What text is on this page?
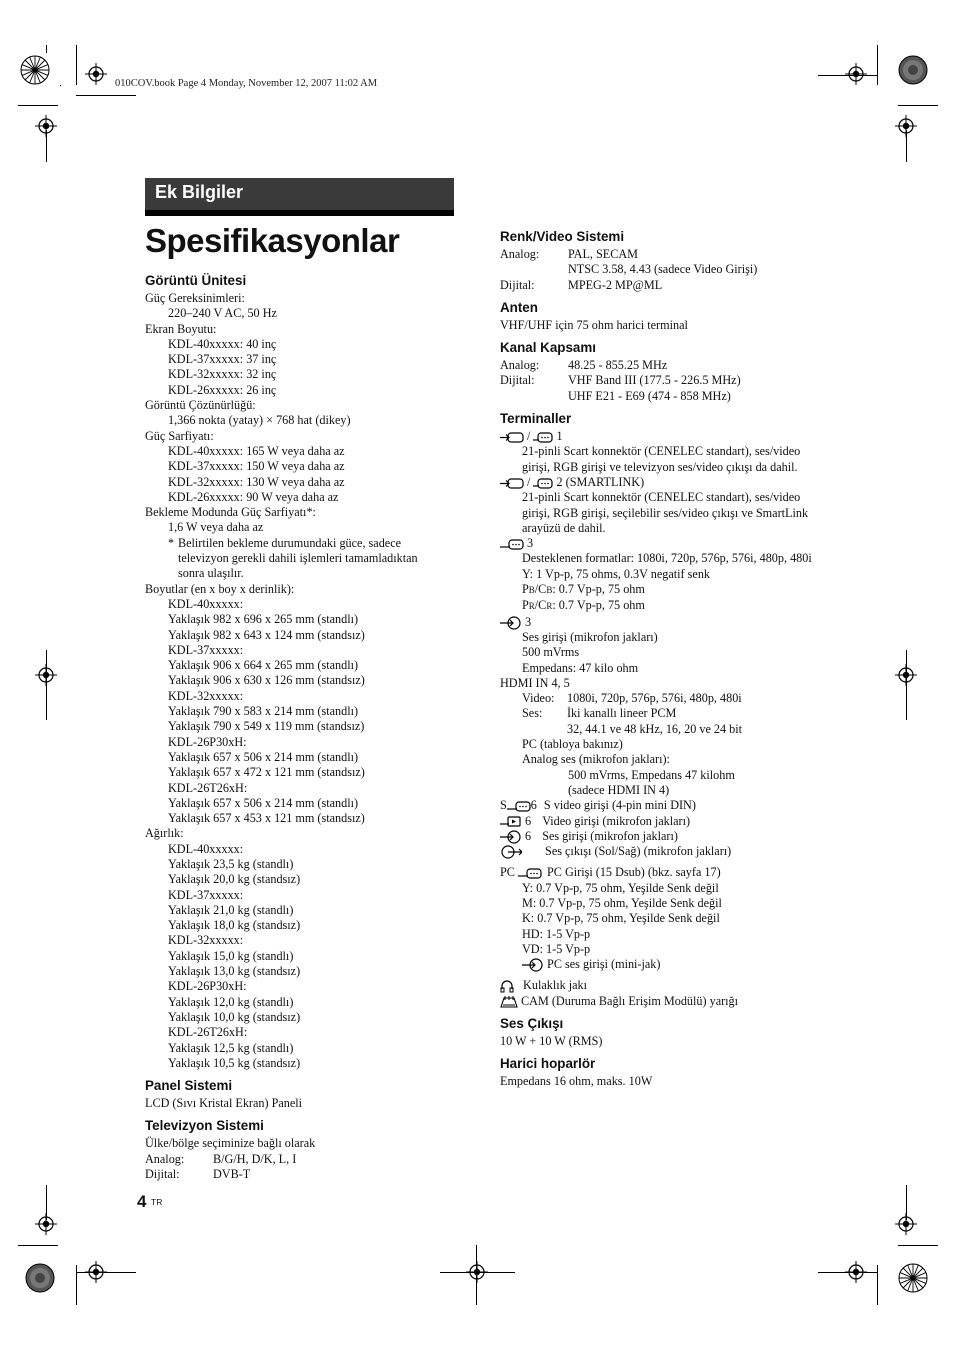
010COV.book Page 4 Monday, November 12, 2007 11:02 AM
Ek Bilgiler
Spesifikasyonlar
Görüntü Ünitesi
Güç Gereksinimleri:
220–240 V AC, 50 Hz
Ekran Boyutu:
KDL-40xxxxx: 40 inç
KDL-37xxxxx: 37 inç
KDL-32xxxxx: 32 inç
KDL-26xxxxx: 26 inç
Görüntü Çözünürlüğü:
1,366 nokta (yatay) × 768 hat (dikey)
Güç Sarfiyatı:
KDL-40xxxxx: 165 W veya daha az
KDL-37xxxxx: 150 W veya daha az
KDL-32xxxxx: 130 W veya daha az
KDL-26xxxxx: 90 W veya daha az
Bekleme Modunda Güç Sarfiyatı*:
1,6 W veya daha az
* Belirtilen bekleme durumundaki güce, sadece televizyon gerekli dahili işlemleri tamamladıktan sonra ulaşılır.
Boyutlar (en x boy x derinlik):
KDL-40xxxxx:
Yaklaşık 982 x 696 x 265 mm (standlı)
Yaklaşık 982 x 643 x 124 mm (standsız)
KDL-37xxxxx:
Yaklaşık 906 x 664 x 265 mm (standlı)
Yaklaşık 906 x 630 x 126 mm (standsız)
KDL-32xxxxx:
Yaklaşık 790 x 583 x 214 mm (standlı)
Yaklaşık 790 x 549 x 119 mm (standsız)
KDL-26P30xH:
Yaklaşık 657 x 506 x 214 mm (standlı)
Yaklaşık 657 x 472 x 121 mm (standsız)
KDL-26T26xH:
Yaklaşık 657 x 506 x 214 mm (standlı)
Yaklaşık 657 x 453 x 121 mm (standsız)
Ağırlık:
KDL-40xxxxx:
Yaklaşık 23,5 kg (standlı)
Yaklaşık 20,0 kg (standsız)
KDL-37xxxxx:
Yaklaşık 21,0 kg (standlı)
Yaklaşık 18,0 kg (standsız)
KDL-32xxxxx:
Yaklaşık 15,0 kg (standlı)
Yaklaşık 13,0 kg (standsız)
KDL-26P30xH:
Yaklaşık 12,0 kg (standlı)
Yaklaşık 10,0 kg (standsız)
KDL-26T26xH:
Yaklaşık 12,5 kg (standlı)
Yaklaşık 10,5 kg (standsız)
Panel Sistemi
LCD (Sıvı Kristal Ekran) Paneli
Televizyon Sistemi
Ülke/bölge seçiminize bağlı olarak
Analog:	B/G/H, D/K, L, I
Dijital:	DVB-T
Renk/Video Sistemi
Analog:	PAL, SECAM
NTSC 3.58, 4.43 (sadece Video Girişi)
Dijital:	MPEG-2 MP@ML
Anten
VHF/UHF için 75 ohm harici terminal
Kanal Kapsamı
Analog:	48.25 - 855.25 MHz
Dijital:	VHF Band III (177.5 - 226.5 MHz)
UHF E21 - E69 (474 - 858 MHz)
Terminaller
/ 1
21-pinli Scart konnektör (CENELEC standart), ses/video girişi, RGB girişi ve televizyon ses/video çıkışı da dahil.
/ 2 (SMARTLINK)
21-pinli Scart konnektör (CENELEC standart), ses/video girişi, RGB girişi, seçilebilir ses/video çıkışı ve SmartLink arayüzü de dahil.
3
Desteklenen formatlar: 1080i, 720p, 576p, 576i, 480p, 480i
Y: 1 Vp-p, 75 ohms, 0.3V negatif senk
PB/CB: 0.7 Vp-p, 75 ohm
PR/CR: 0.7 Vp-p, 75 ohm
3
Ses girişi (mikrofon jakları)
500 mVrms
Empedans: 47 kilo ohm
HDMI IN 4, 5
Video: 1080i, 720p, 576p, 576i, 480p, 480i
Ses: İki kanallı lineer PCM
32, 44.1 ve 48 kHz, 16, 20 ve 24 bit
PC (tabloya bakınız)
Analog ses (mikrofon jakları):
500 mVrms, Empedans 47 kilohm
(sadece HDMI IN 4)
S 6 S video girişi (4-pin mini DIN)
6 Video girişi (mikrofon jakları)
6 Ses girişi (mikrofon jakları)
Ses çıkışı (Sol/Sağ) (mikrofon jakları)
PC	PC Girişi (15 Dsub) (bkz. sayfa 17)
Y: 0.7 Vp-p, 75 ohm, Yeşilde Senk değil
M: 0.7 Vp-p, 75 ohm, Yeşilde Senk değil
K: 0.7 Vp-p, 75 ohm, Yeşilde Senk değil
HD: 1-5 Vp-p
VD: 1-5 Vp-p
PC ses girişi (mini-jak)
Kulaklık jakı
CAM (Duruma Bağlı Erişim Modülü) yarığı
Ses Çıkışı
10 W + 10 W (RMS)
Harici hoparlör
Empedans 16 ohm, maks. 10W
4 TR
